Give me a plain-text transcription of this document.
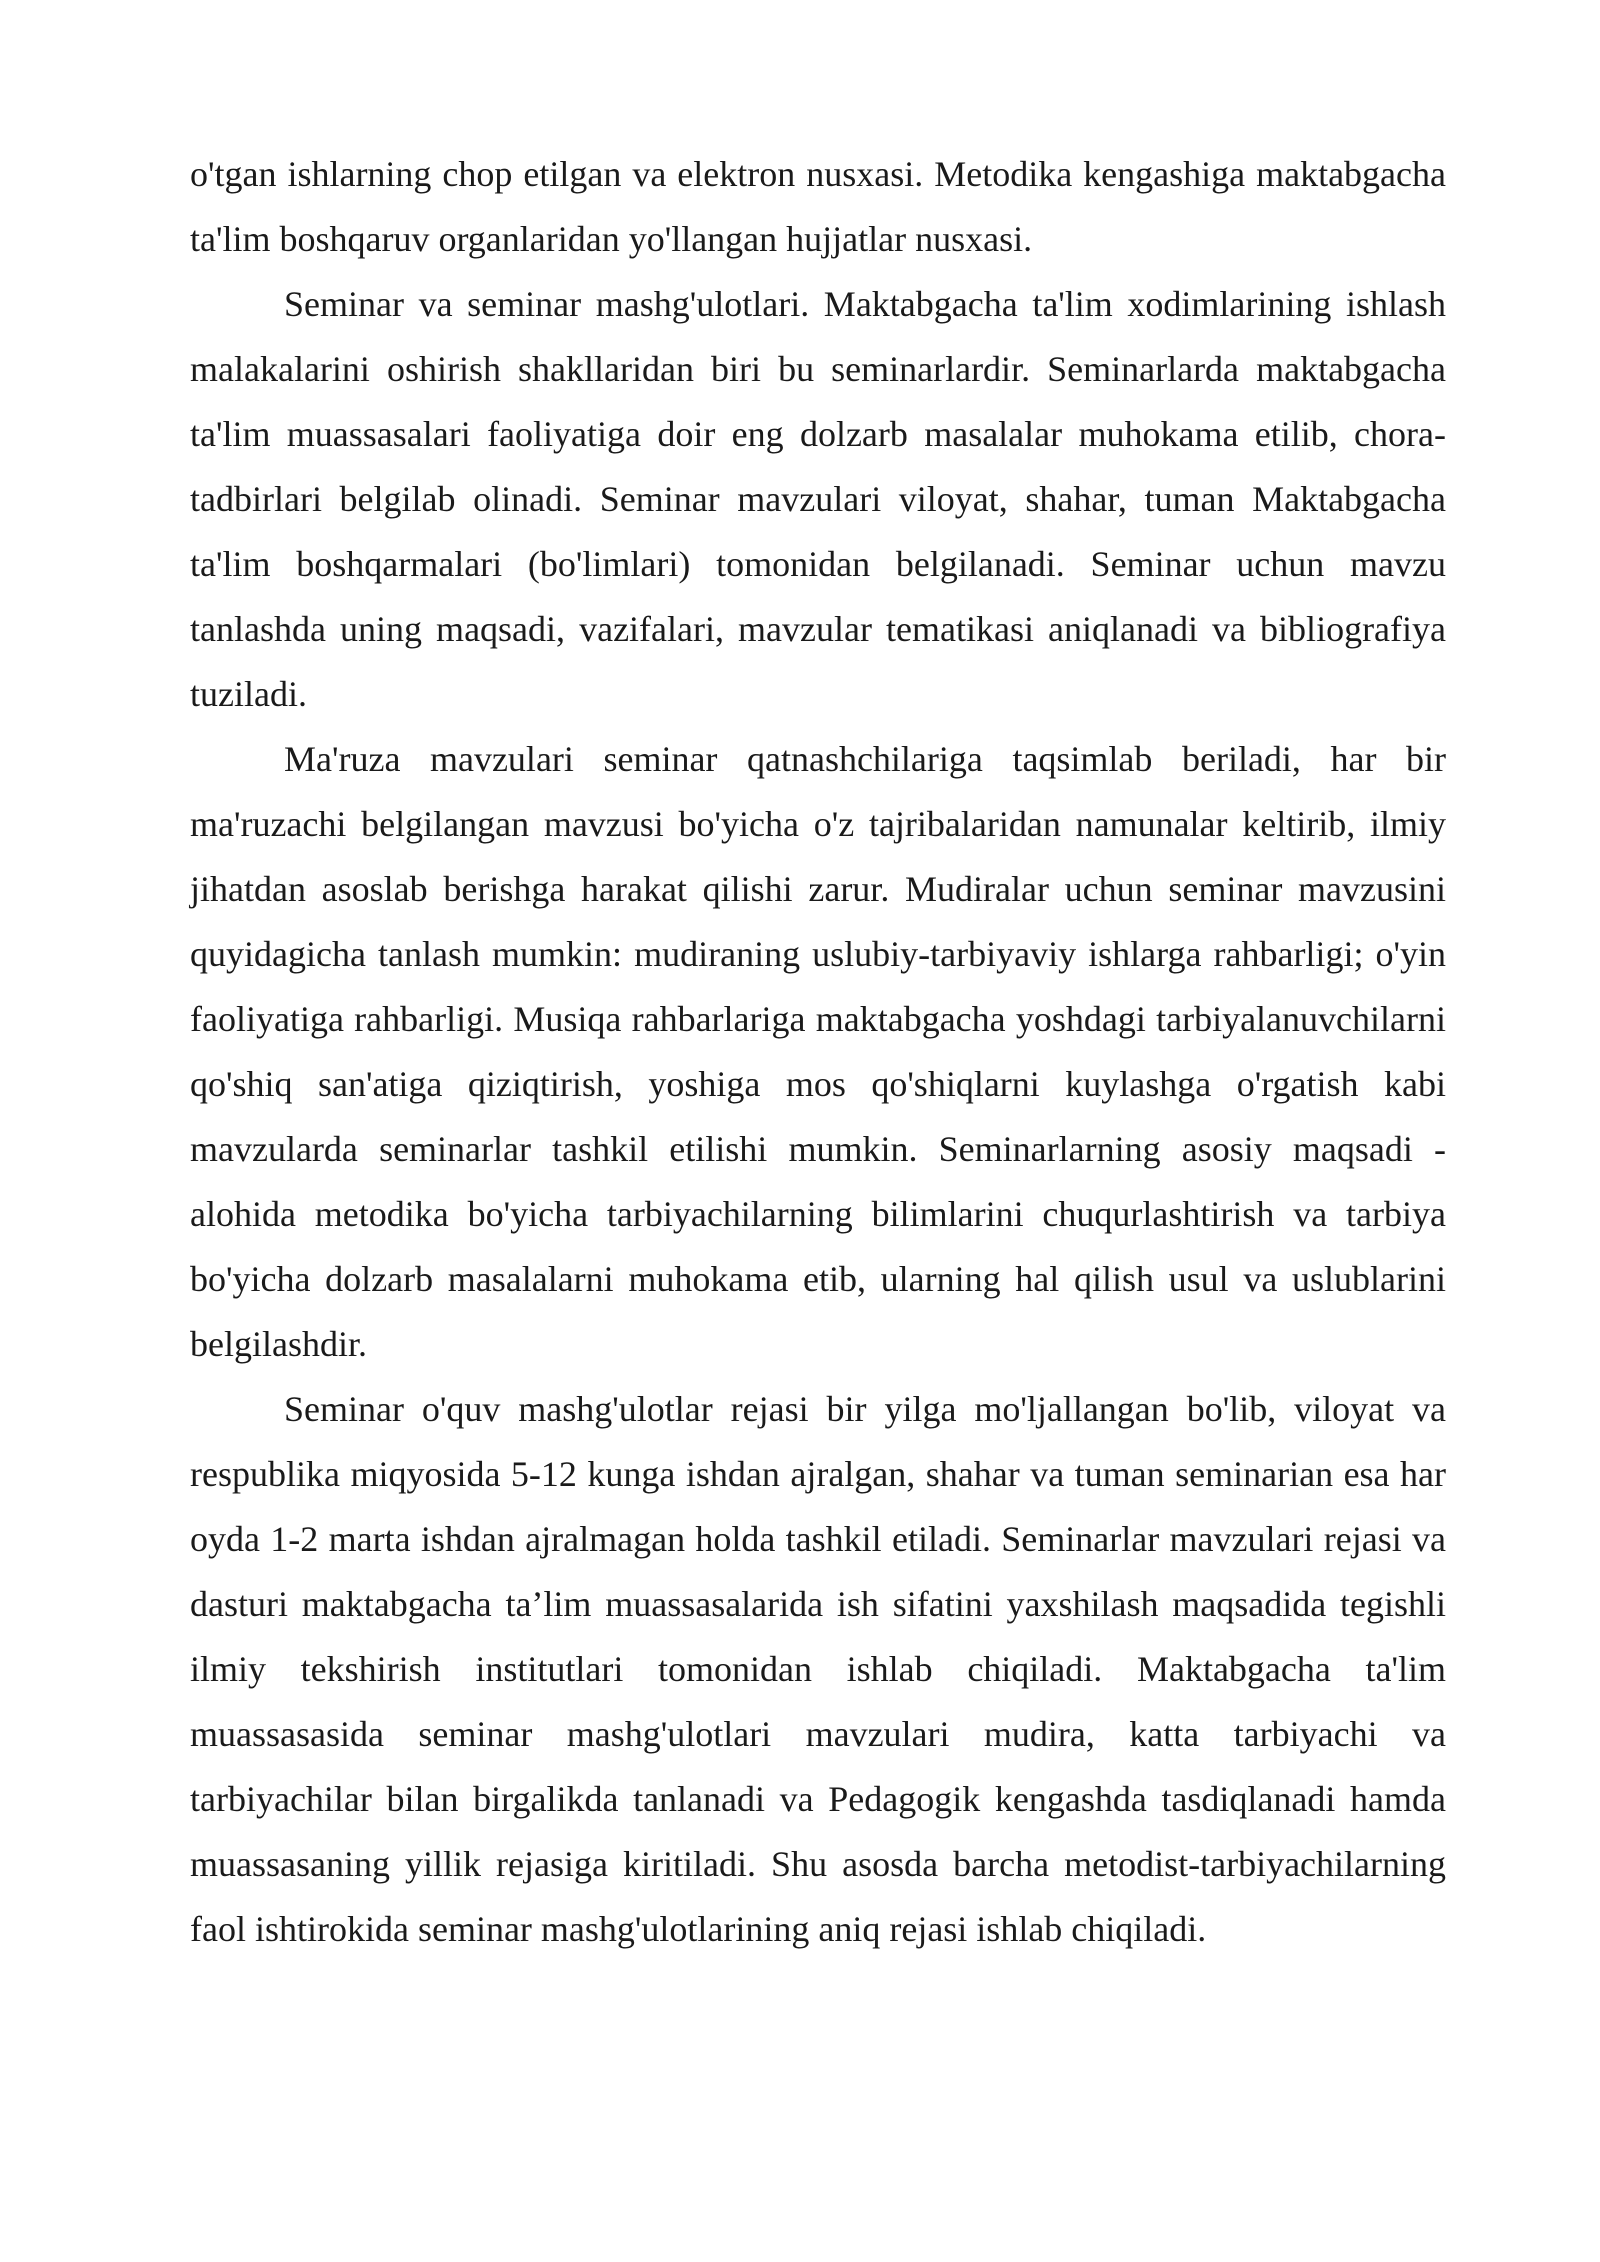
o'tgan ishlarning chop etilgan va elektron nusxasi. Metodika kengashiga maktabgacha ta'lim boshqaruv organlaridan yo'llangan hujjatlar nusxasi.

Seminar va seminar mashg'ulotlari. Maktabgacha ta'lim xodimlarining ishlash malakalarini oshirish shakllaridan biri bu seminarlardir. Seminarlarda maktabgacha ta'lim muassasalari faoliyatiga doir eng dolzarb masalalar muhokama etilib, chora-tadbirlari belgilab olinadi. Seminar mavzulari viloyat, shahar, tuman Maktabgacha ta'lim boshqarmalari (bo'limlari) tomonidan belgilanadi. Seminar uchun mavzu tanlashda uning maqsadi, vazifalari, mavzular tematikasi aniqlanadi va bibliografiya tuziladi.

Ma'ruza mavzulari seminar qatnashchilariga taqsimlab beriladi, har bir ma'ruzachi belgilangan mavzusi bo'yicha o'z tajribalaridan namunalar keltirib, ilmiy jihatdan asoslab berishga harakat qilishi zarur. Mudiralar uchun seminar mavzusini quyidagicha tanlash mumkin: mudiraning uslubiy-tarbiyaviy ishlarga rahbarligi; o'yin faoliyatiga rahbarligi. Musiqa rahbarlariga maktabgacha yoshdagi tarbiyalanuvchilarni qo'shiq san'atiga qiziqtirish, yoshiga mos qo'shiqlarni kuylashga o'rgatish kabi mavzularda seminarlar tashkil etilishi mumkin. Seminarlarning asosiy maqsadi - alohida metodika bo'yicha tarbiyachilarning bilimlarini chuqurlashtirish va tarbiya bo'yicha dolzarb masalalarni muhokama etib, ularning hal qilish usul va uslublarini belgilashdir.

Seminar o'quv mashg'ulotlar rejasi bir yilga mo'ljallangan bo'lib, viloyat va respublika miqyosida 5-12 kunga ishdan ajralgan, shahar va tuman seminarian esa har oyda 1-2 marta ishdan ajralmagan holda tashkil etiladi. Seminarlar mavzulari rejasi va dasturi maktabgacha ta’lim muassasalarida ish sifatini yaxshilash maqsadida tegishli ilmiy tekshirish institutlari tomonidan ishlab chiqiladi. Maktabgacha ta'lim muassasasida seminar mashg'ulotlari mavzulari mudira, katta tarbiyachi va tarbiyachilar bilan birgalikda tanlanadi va Pedagogik kengashda tasdiqlanadi hamda muassasaning yillik rejasiga kiritiladi. Shu asosda barcha metodist-tarbiyachilarning faol ishtirokida seminar mashg'ulotlarining aniq rejasi ishlab chiqiladi.
